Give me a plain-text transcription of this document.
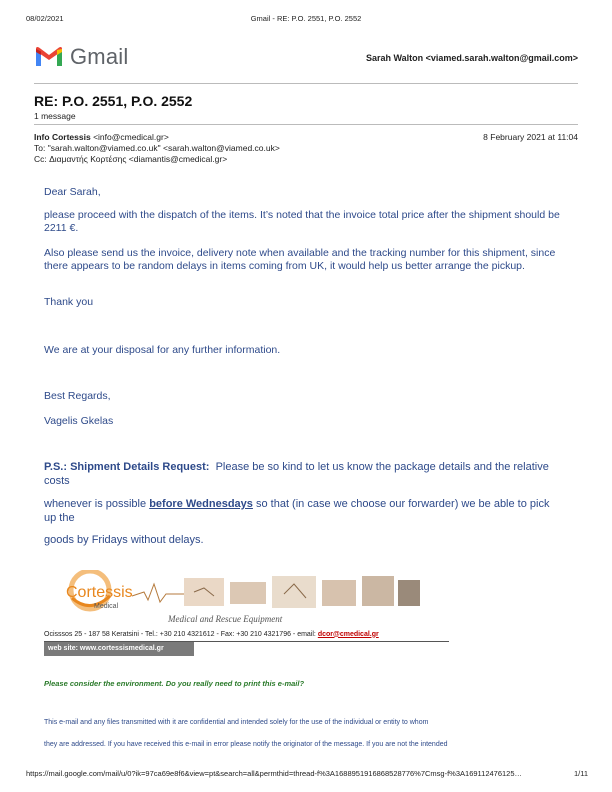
08/02/2021	Gmail - RE: P.O. 2551, P.O. 2552
Gmail	Sarah Walton <viamed.sarah.walton@gmail.com>
RE: P.O. 2551, P.O. 2552
1 message
Info Cortessis <info@cmedical.gr>	8 February 2021 at 11:04
To: "sarah.walton@viamed.co.uk" <sarah.walton@viamed.co.uk>
Cc: Διαμαντής Κορτέσης <diamantis@cmedical.gr>
Dear Sarah,
please proceed with the dispatch of the items. It’s noted that the invoice total price after the shipment should be 2211 €.
Also please send us the invoice, delivery note when available and the tracking number for this shipment, since there appears to be random delays in items coming from UK, it would help us better arrange the pickup.
Thank you
We are at your disposal for any further information.
Best Regards,
Vagelis Gkelas
P.S.: Shipment Details Request: Please be so kind to let us know the package details and the relative costs
whenever is possible before Wednesdays so that (in case we choose our forwarder) we be able to pick up the
goods by Fridays without delays.
Cortessis
Medical
Medical and Rescue Equipment
Ocisssos 25 - 187 58 Keratsini - Tel.: +30 210 4321612 - Fax: +30 210 4321796 - email:
dcor@cmedical.gr
web site: www.cortessismedical.gr
Please consider the environment. Do you really need to print this e-mail?
This e-mail and any files transmitted with it are confidential and intended solely for the use of the individual or entity to whom
they are addressed. If you have received this e-mail in error please notify the originator of the message. If you are not the intended
https://mail.google.com/mail/u/0?ik=97ca69e8f6&view=pt&search=all&permthid=thread-f%3A1688951916868528776%7Cmsg-f%3A169112476125…	1/11
